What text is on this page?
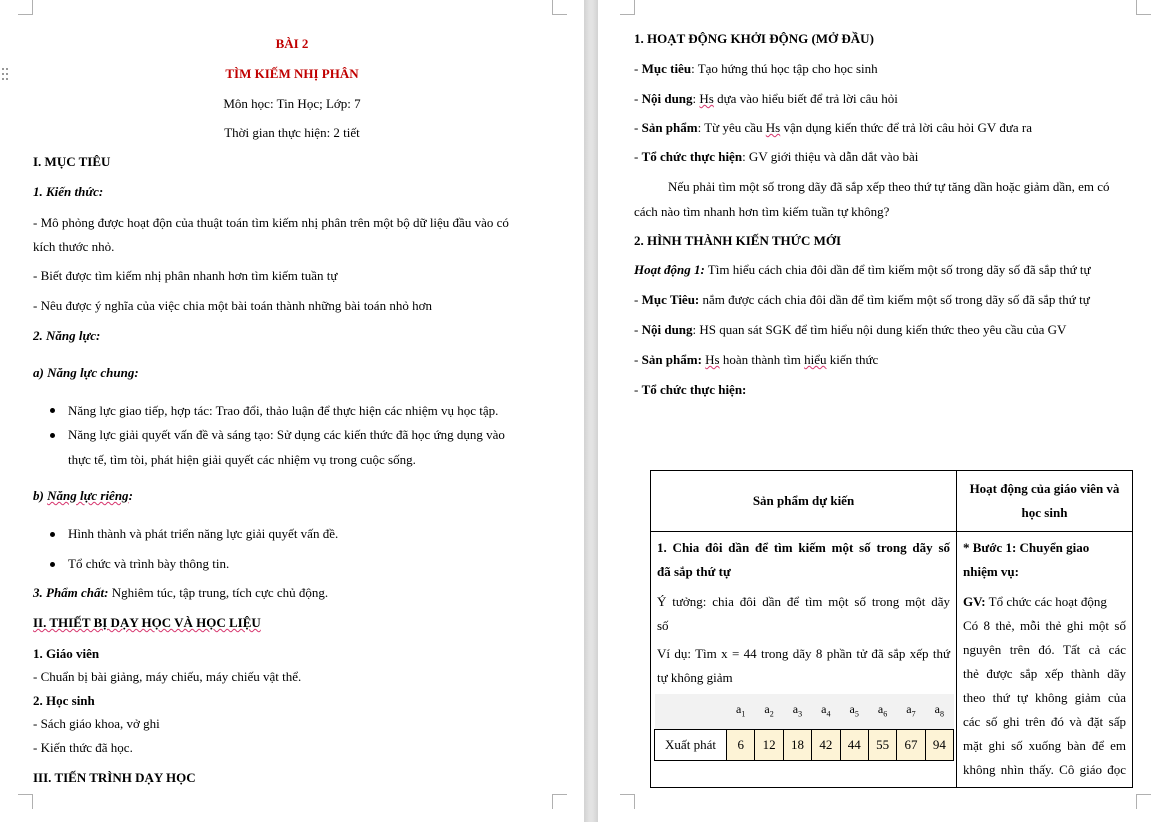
BÀI 2
TÌM KIẾM NHỊ PHÂN
Môn học: Tin Học; Lớp: 7
Thời gian thực hiện: 2 tiết
I. MỤC TIÊU
1. Kiến thức:
- Mô phỏng được hoạt độn của thuật toán tìm kiếm nhị phân trên một bộ dữ liệu đầu vào có
kích thước nhỏ.
- Biết được tìm kiếm nhị phân nhanh hơn tìm kiếm tuần tự
- Nêu được ý nghĩa của việc chia một bài toán thành những bài toán nhỏ hơn
2. Năng lực:
a) Năng lực chung:
Năng lực giao tiếp, hợp tác: Trao đổi, thảo luận để thực hiện các nhiệm vụ học tập.
Năng lực giải quyết vấn đề và sáng tạo: Sử dụng các kiến thức đã học ứng dụng vào
thực tế, tìm tòi, phát hiện giải quyết các nhiệm vụ trong cuộc sống.
b) Năng lực riêng:
Hình thành và phát triển năng lực giải quyết vấn đề.
Tổ chức và trình bày thông tin.
3. Phẩm chất: Nghiêm túc, tập trung, tích cực chủ động.
II. THIẾT BỊ DẠY HỌC VÀ HỌC LIỆU
1. Giáo viên
- Chuẩn bị bài giảng, máy chiếu, máy chiếu vật thể.
2. Học sinh
- Sách giáo khoa, vở ghi
- Kiến thức đã học.
III. TIẾN TRÌNH DẠY HỌC
1. HOẠT ĐỘNG KHỞI ĐỘNG (MỞ ĐẦU)
- Mục tiêu: Tạo hứng thú học tập cho học sinh
- Nội dung: Hs dựa vào hiểu biết để trả lời câu hỏi
- Sản phẩm: Từ yêu cầu Hs vận dụng kiến thức để trả lời câu hỏi GV đưa ra
- Tổ chức thực hiện: GV giới thiệu và dẫn dắt vào bài
Nếu phải tìm một số trong dãy đã sắp xếp theo thứ tự tăng dần hoặc giảm dần, em có
cách nào tìm nhanh hơn tìm kiếm tuần tự không?
2. HÌNH THÀNH KIẾN THỨC MỚI
Hoạt động 1: Tìm hiểu cách chia đôi dần để tìm kiếm một số trong dãy số đã sắp thứ tự
- Mục Tiêu: nắm được cách chia đôi dần để tìm kiếm một số trong dãy số đã sắp thứ tự
- Nội dung: HS quan sát SGK để tìm hiểu nội dung kiến thức theo yêu cầu của GV
- Sản phẩm: Hs hoàn thành tìm hiểu kiến thức
- Tổ chức thực hiện:
Sản phẩm dự kiến	
Hoạt động của giáo viên và
học sinh

1. Chia đôi dần để tìm kiếm một số trong dãy số
đã sắp thứ tự
Ý tưởng: chia đôi dần để tìm một số trong một dãy
số
Ví dụ: Tìm x = 44 trong dãy 8 phần tử đã sắp xếp thứ
tự không giảm
	$a_1$	$a_2$	$a_3$	$a_4$	$a_5$	$a_6$	$a_7$	$a_8$
Xuất phát	6	12	18	42	44	55	67	94

* Bước 1: Chuyển giao
nhiệm vụ:
GV: Tổ chức các hoạt động
Có 8 thẻ, mỗi thẻ ghi một số
nguyên trên đó. Tất cả các
thẻ được sắp xếp thành dãy
theo thứ tự không giảm của
các số ghi trên đó và đặt sấp
mặt ghi số xuống bàn để em
không nhìn thấy. Cô giáo đọc
